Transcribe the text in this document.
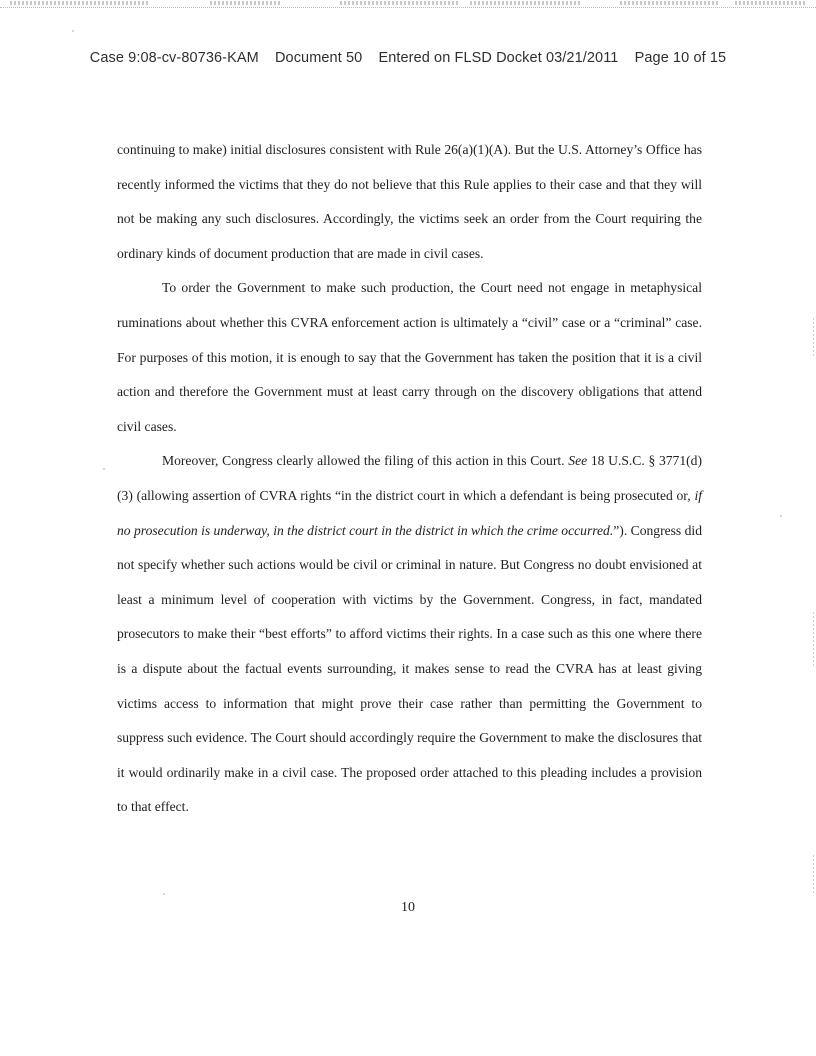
Case 9:08-cv-80736-KAM Document 50 Entered on FLSD Docket 03/21/2011 Page 10 of 15

continuing to make) initial disclosures consistent with Rule 26(a)(1)(A). But the U.S. Attorney’s Office has recently informed the victims that they do not believe that this Rule applies to their case and that they will not be making any such disclosures. Accordingly, the victims seek an order from the Court requiring the ordinary kinds of document production that are made in civil cases.

To order the Government to make such production, the Court need not engage in metaphysical ruminations about whether this CVRA enforcement action is ultimately a “civil” case or a “criminal” case. For purposes of this motion, it is enough to say that the Government has taken the position that it is a civil action and therefore the Government must at least carry through on the discovery obligations that attend civil cases.

Moreover, Congress clearly allowed the filing of this action in this Court. See 18 U.S.C. § 3771(d)(3) (allowing assertion of CVRA rights “in the district court in which a defendant is being prosecuted or, if no prosecution is underway, in the district court in the district in which the crime occurred.”). Congress did not specify whether such actions would be civil or criminal in nature. But Congress no doubt envisioned at least a minimum level of cooperation with victims by the Government. Congress, in fact, mandated prosecutors to make their “best efforts” to afford victims their rights. In a case such as this one where there is a dispute about the factual events surrounding, it makes sense to read the CVRA has at least giving victims access to information that might prove their case rather than permitting the Government to suppress such evidence. The Court should accordingly require the Government to make the disclosures that it would ordinarily make in a civil case. The proposed order attached to this pleading includes a provision to that effect.

10
